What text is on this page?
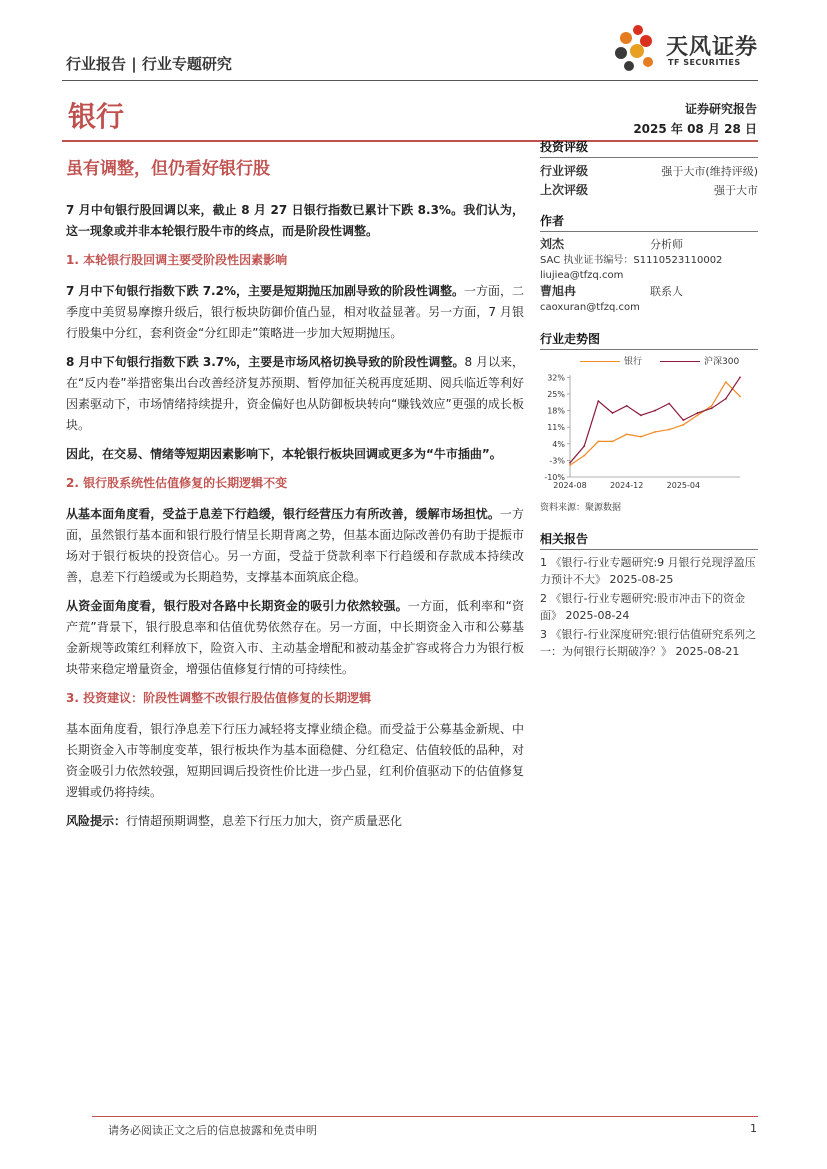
行业报告 | 行业专题研究
天风证券
TF SECURITIES
银行	证券研究报告
2025 年 08 月 28 日
虽有调整，但仍看好银行股

7 月中旬银行股回调以来，截止 8 月 27 日银行指数已累计下跌 8.3%。我们认为，这一现象或并非本轮银行股牛市的终点，而是阶段性调整。

1. 本轮银行股回调主要受阶段性因素影响

7 月中下旬银行指数下跌 7.2%，主要是短期抛压加剧导致的阶段性调整。一方面，二季度中美贸易摩擦升级后，银行板块防御价值凸显，相对收益显著。另一方面，7 月银行股集中分红，套利资金“分红即走”策略进一步加大短期抛压。

8 月中下旬银行指数下跌 3.7%，主要是市场风格切换导致的阶段性调整。8 月以来，在“反内卷”举措密集出台改善经济复苏预期、暂停加征关税再度延期、阅兵临近等利好因素驱动下，市场情绪持续提升，资金偏好也从防御板块转向“赚钱效应”更强的成长板块。

因此，在交易、情绪等短期因素影响下，本轮银行板块回调或更多为“牛市插曲”。

2. 银行股系统性估值修复的长期逻辑不变

从基本面角度看，受益于息差下行趋缓，银行经营压力有所改善，缓解市场担忧。一方面，虽然银行基本面和银行股行情呈长期背离之势，但基本面边际改善仍有助于提振市场对于银行板块的投资信心。另一方面，受益于贷款利率下行趋缓和存款成本持续改善，息差下行趋缓或为长期趋势，支撑基本面筑底企稳。

从资金面角度看，银行股对各路中长期资金的吸引力依然较强。一方面，低利率和“资产荒”背景下，银行股息率和估值优势依然存在。另一方面，中长期资金入市和公募基金新规等政策红利释放下，险资入市、主动基金增配和被动基金扩容或将合力为银行板块带来稳定增量资金，增强估值修复行情的可持续性。

3. 投资建议：阶段性调整不改银行股估值修复的长期逻辑

基本面角度看，银行净息差下行压力减轻将支撑业绩企稳。而受益于公募基金新规、中长期资金入市等制度变革，银行板块作为基本面稳健、分红稳定、估值较低的品种，对资金吸引力依然较强，短期回调后投资性价比进一步凸显，红利价值驱动下的估值修复逻辑或仍将持续。

风险提示：行情超预期调整，息差下行压力加大，资产质量恶化

投资评级
行业评级	强于大市(维持评级)
上次评级	强于大市
作者
刘杰	分析师
SAC 执业证书编号：S1110523110002
liujiea@tfzq.com
曹旭冉	联系人
caoxuran@tfzq.com
行业走势图
银行	沪深300
32%
25%
18%
11%
4%
-3%
-10%
2024-08	2024-12	2025-04
资料来源：聚源数据
相关报告
1 《银行-行业专题研究:9 月银行兑现浮盈压力预计不大》 2025-08-25
2 《银行-行业专题研究:股市冲击下的资金面》 2025-08-24
3 《银行-行业深度研究:银行估值研究系列之一：为何银行长期破净？》 2025-08-21
请务必阅读正文之后的信息披露和免责申明	1
